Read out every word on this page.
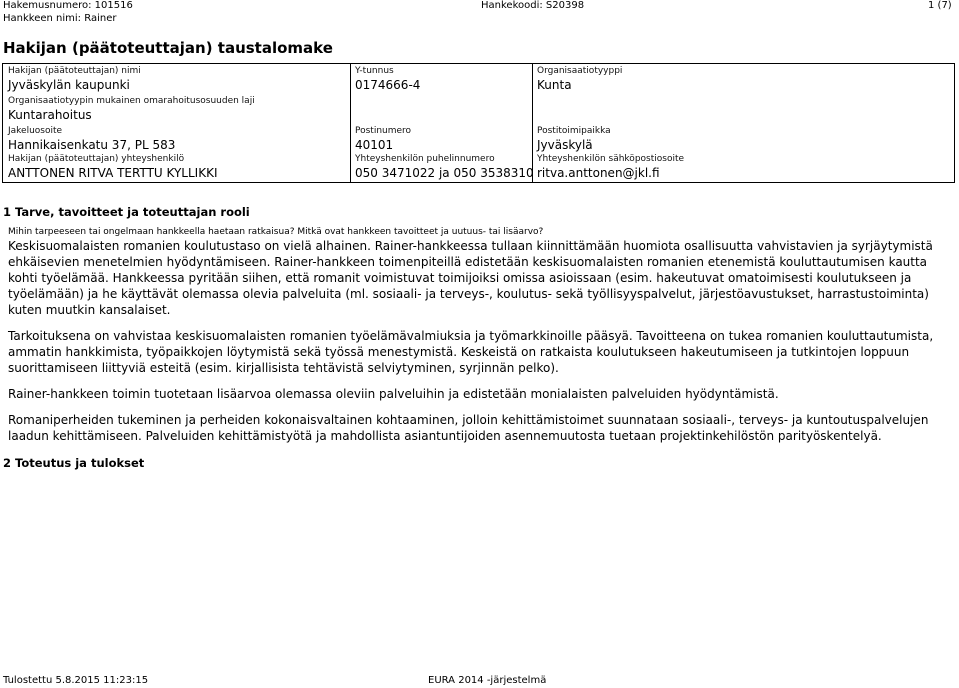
Hakemusnumero: 101516
Hankkeen nimi: Rainer
Hankekoodi: S20398	1 (7)
Hakijan (päätoteuttajan) taustalomake
Hakijan (päätoteuttajan) nimi
Jyväskylän kaupunki
Y-tunnus
0174666-4
Organisaatiotyyppi
Kunta
Organisaatiotyypin mukainen omarahoitusosuuden laji
Kuntarahoitus
Jakeluosoite
Hannikaisenkatu 37, PL 583
Postinumero
40101
Postitoimipaikka
Jyväskylä
Hakijan (päätoteuttajan) yhteyshenkilö
ANTTONEN RITVA TERTTU KYLLIKKI
Yhteyshenkilön puhelinnumero
050 3471022 ja 050 3538310
Yhteyshenkilön sähköpostiosoite
ritva.anttonen@jkl.fi
1 Tarve, tavoitteet ja toteuttajan rooli
Mihin tarpeeseen tai ongelmaan hankkeella haetaan ratkaisua? Mitkä ovat hankkeen tavoitteet ja uutuus- tai lisäarvo?

Keskisuomalaisten romanien koulutustaso on vielä alhainen. Rainer-hankkeessa tullaan kiinnittämään huomiota osallisuutta vahvistavien ja syrjäytymistä ehkäisevien menetelmien hyödyntämiseen. Rainer-hankkeen toimenpiteillä edistetään keskisuomalaisten romanien etenemistä kouluttautumisen kautta kohti työelämää. Hankkeessa pyritään siihen, että romanit voimistuvat toimijoiksi omissa asioissaan (esim. hakeutuvat omatoimisesti koulutukseen ja työelämään) ja he käyttävät olemassa olevia palveluita (ml. sosiaali- ja terveys-, koulutus- sekä työllisyyspalvelut, järjestöavustukset, harrastustoiminta) kuten muutkin kansalaiset.

Tarkoituksena on vahvistaa keskisuomalaisten romanien työelämävalmiuksia ja työmarkkinoille pääsyä. Tavoitteena on tukea romanien kouluttautumista, ammatin hankkimista, työpaikkojen löytymistä sekä työssä menestymistä. Keskeistä on ratkaista koulutukseen hakeutumiseen ja tutkintojen loppuun suorittamiseen liittyviä esteitä (esim. kirjallisista tehtävistä selviytyminen, syrjinnän pelko).

Rainer-hankkeen toimin tuotetaan lisäarvoa olemassa oleviin palveluihin ja edistetään monialaisten palveluiden hyödyntämistä.

Romaniperheiden tukeminen ja perheiden kokonaisvaltainen kohtaaminen, jolloin kehittämistoimet suunnataan sosiaali-, terveys- ja kuntoutuspalvelujen laadun kehittämiseen. Palveluiden kehittämistyötä ja mahdollista asiantuntijoiden asennemuutosta tuetaan projektinkehilöstön parityöskentelyä.

2 Toteutus ja tulokset
Tulostettu 5.8.2015 11:23:15	EURA 2014 -järjestelmä
